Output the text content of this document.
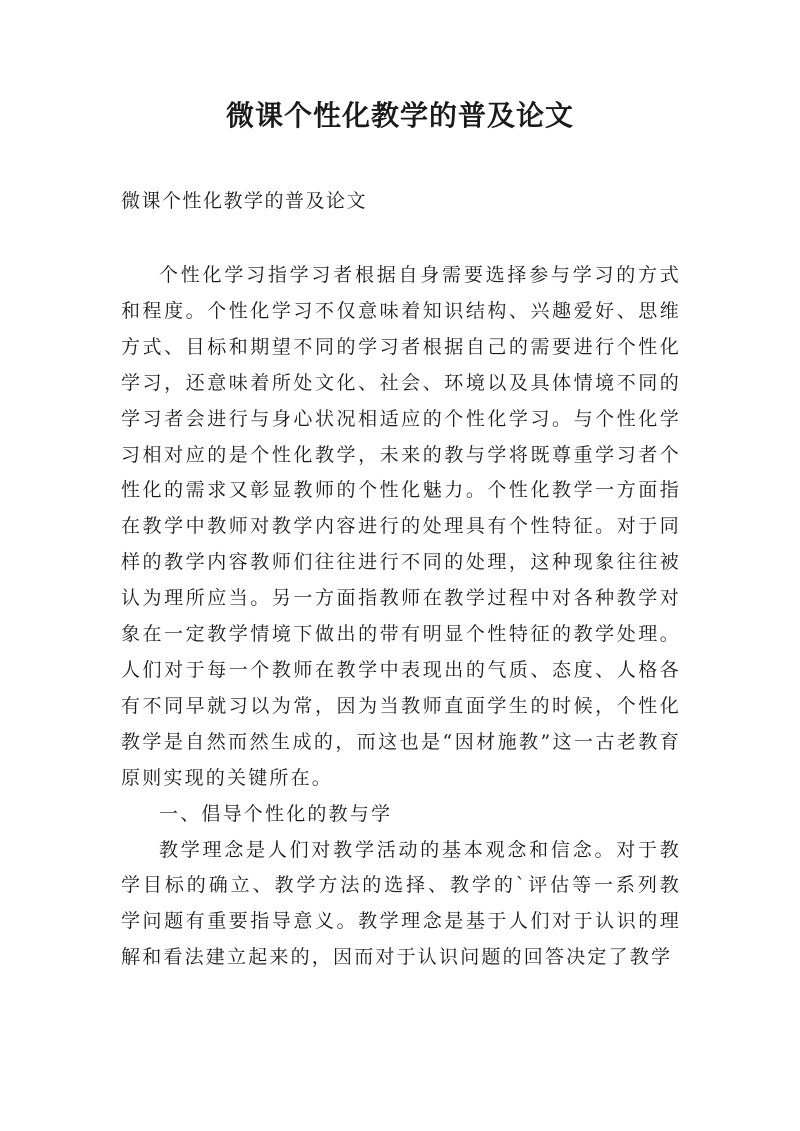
微课个性化教学的普及论文
微课个性化教学的普及论文

个性化学习指学习者根据自身需要选择参与学习的方式和程度。个性化学习不仅意味着知识结构、兴趣爱好、思维方式、目标和期望不同的学习者根据自己的需要进行个性化学习，还意味着所处文化、社会、环境以及具体情境不同的学习者会进行与身心状况相适应的个性化学习。与个性化学习相对应的是个性化教学，未来的教与学将既尊重学习者个性化的需求又彰显教师的个性化魅力。个性化教学一方面指在教学中教师对教学内容进行的处理具有个性特征。对于同样的教学内容教师们往往进行不同的处理，这种现象往往被认为理所应当。另一方面指教师在教学过程中对各种教学对象在一定教学情境下做出的带有明显个性特征的教学处理。人们对于每一个教师在教学中表现出的气质、态度、人格各有不同早就习以为常，因为当教师直面学生的时候，个性化教学是自然而然生成的，而这也是“因材施教”这一古老教育原则实现的关键所在。

一、倡导个性化的教与学

教学理念是人们对教学活动的基本观念和信念。对于教学目标的确立、教学方法的选择、教学的`评估等一系列教学问题有重要指导意义。教学理念是基于人们对于认识的理解和看法建立起来的，因而对于认识问题的回答决定了教学
